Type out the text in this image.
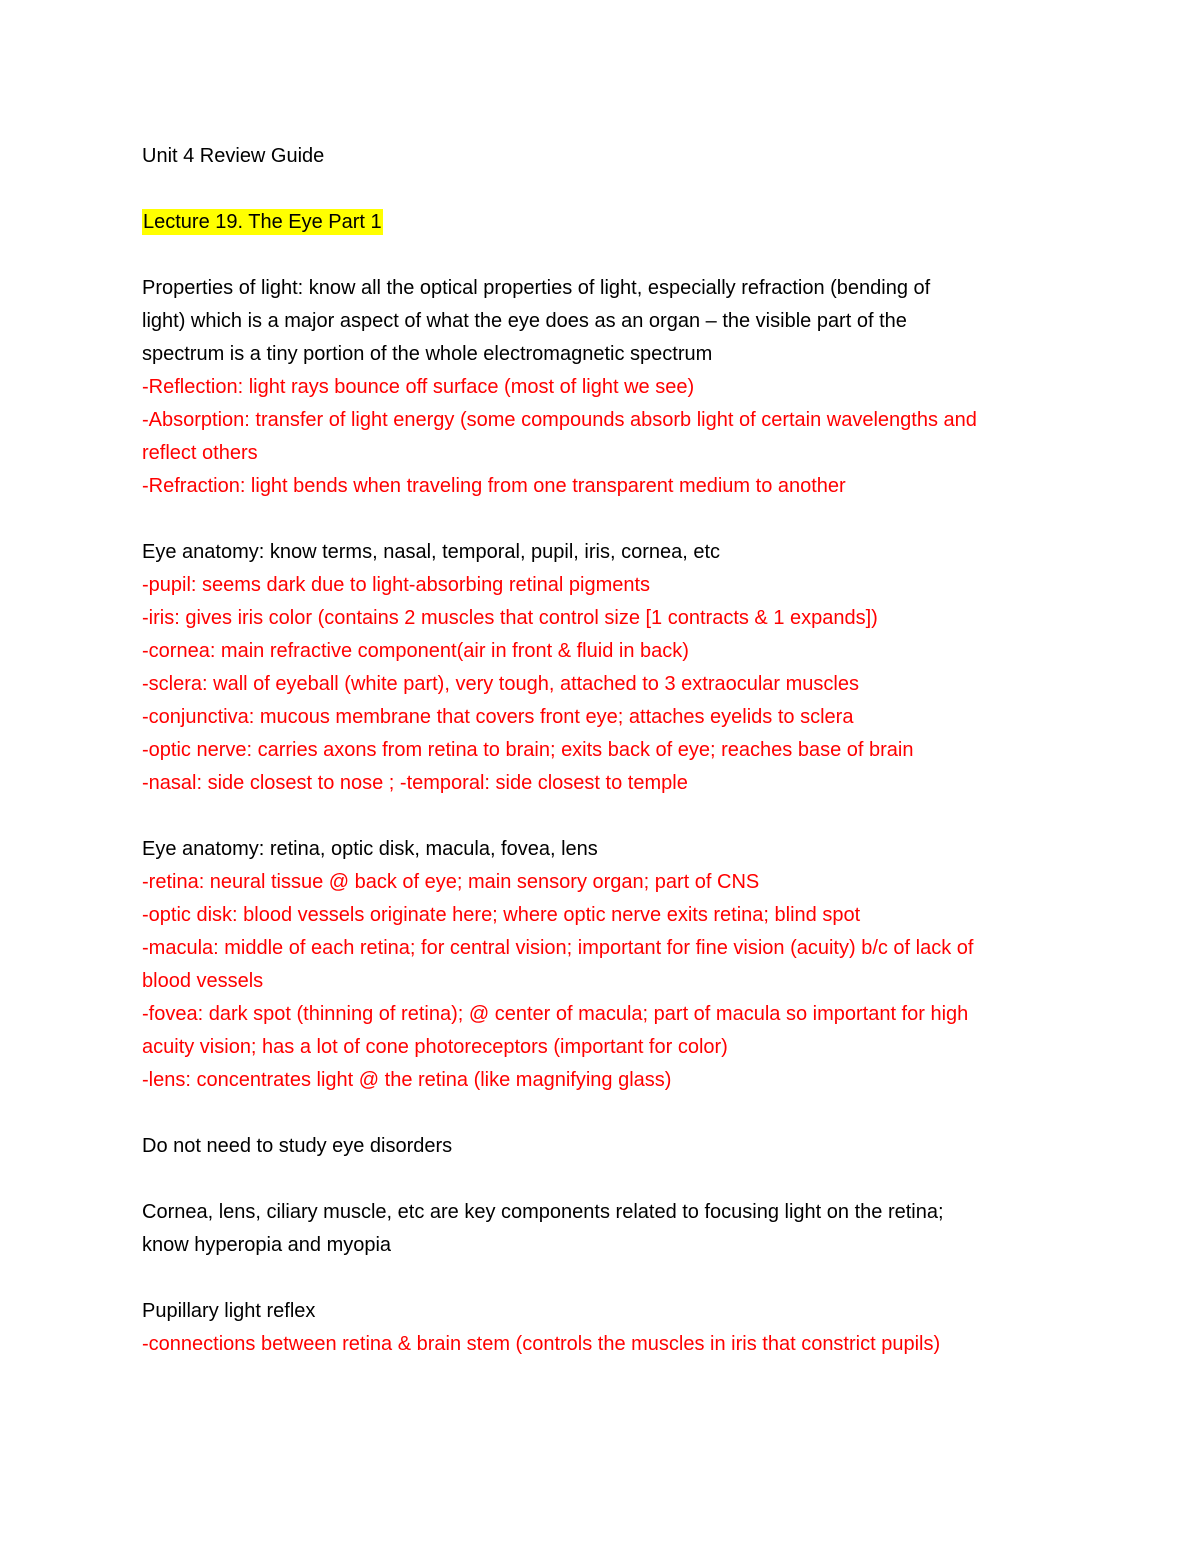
Unit 4 Review Guide
Lecture 19. The Eye Part 1
Properties of light: know all the optical properties of light, especially refraction (bending of
light) which is a major aspect of what the eye does as an organ – the visible part of the
spectrum is a tiny portion of the whole electromagnetic spectrum
-Reflection: light rays bounce off surface (most of light we see)
-Absorption: transfer of light energy (some compounds absorb light of certain wavelengths and
reflect others
-Refraction: light bends when traveling from one transparent medium to another
Eye anatomy: know terms, nasal, temporal, pupil, iris, cornea, etc
-pupil: seems dark due to light-absorbing retinal pigments
-iris: gives iris color (contains 2 muscles that control size [1 contracts & 1 expands])
-cornea: main refractive component(air in front & fluid in back)
-sclera: wall of eyeball (white part), very tough, attached to 3 extraocular muscles
-conjunctiva: mucous membrane that covers front eye; attaches eyelids to sclera
-optic nerve: carries axons from retina to brain; exits back of eye; reaches base of brain
-nasal: side closest to nose ; -temporal: side closest to temple
Eye anatomy: retina, optic disk, macula, fovea, lens
-retina: neural tissue @ back of eye; main sensory organ; part of CNS
-optic disk: blood vessels originate here; where optic nerve exits retina; blind spot
-macula: middle of each retina; for central vision; important for fine vision (acuity) b/c of lack of
blood vessels
-fovea: dark spot (thinning of retina); @ center of macula; part of macula so important for high
acuity vision; has a lot of cone photoreceptors (important for color)
-lens: concentrates light @ the retina (like magnifying glass)
Do not need to study eye disorders
Cornea, lens, ciliary muscle, etc are key components related to focusing light on the retina;
know hyperopia and myopia
Pupillary light reflex
-connections between retina & brain stem (controls the muscles in iris that constrict pupils)
